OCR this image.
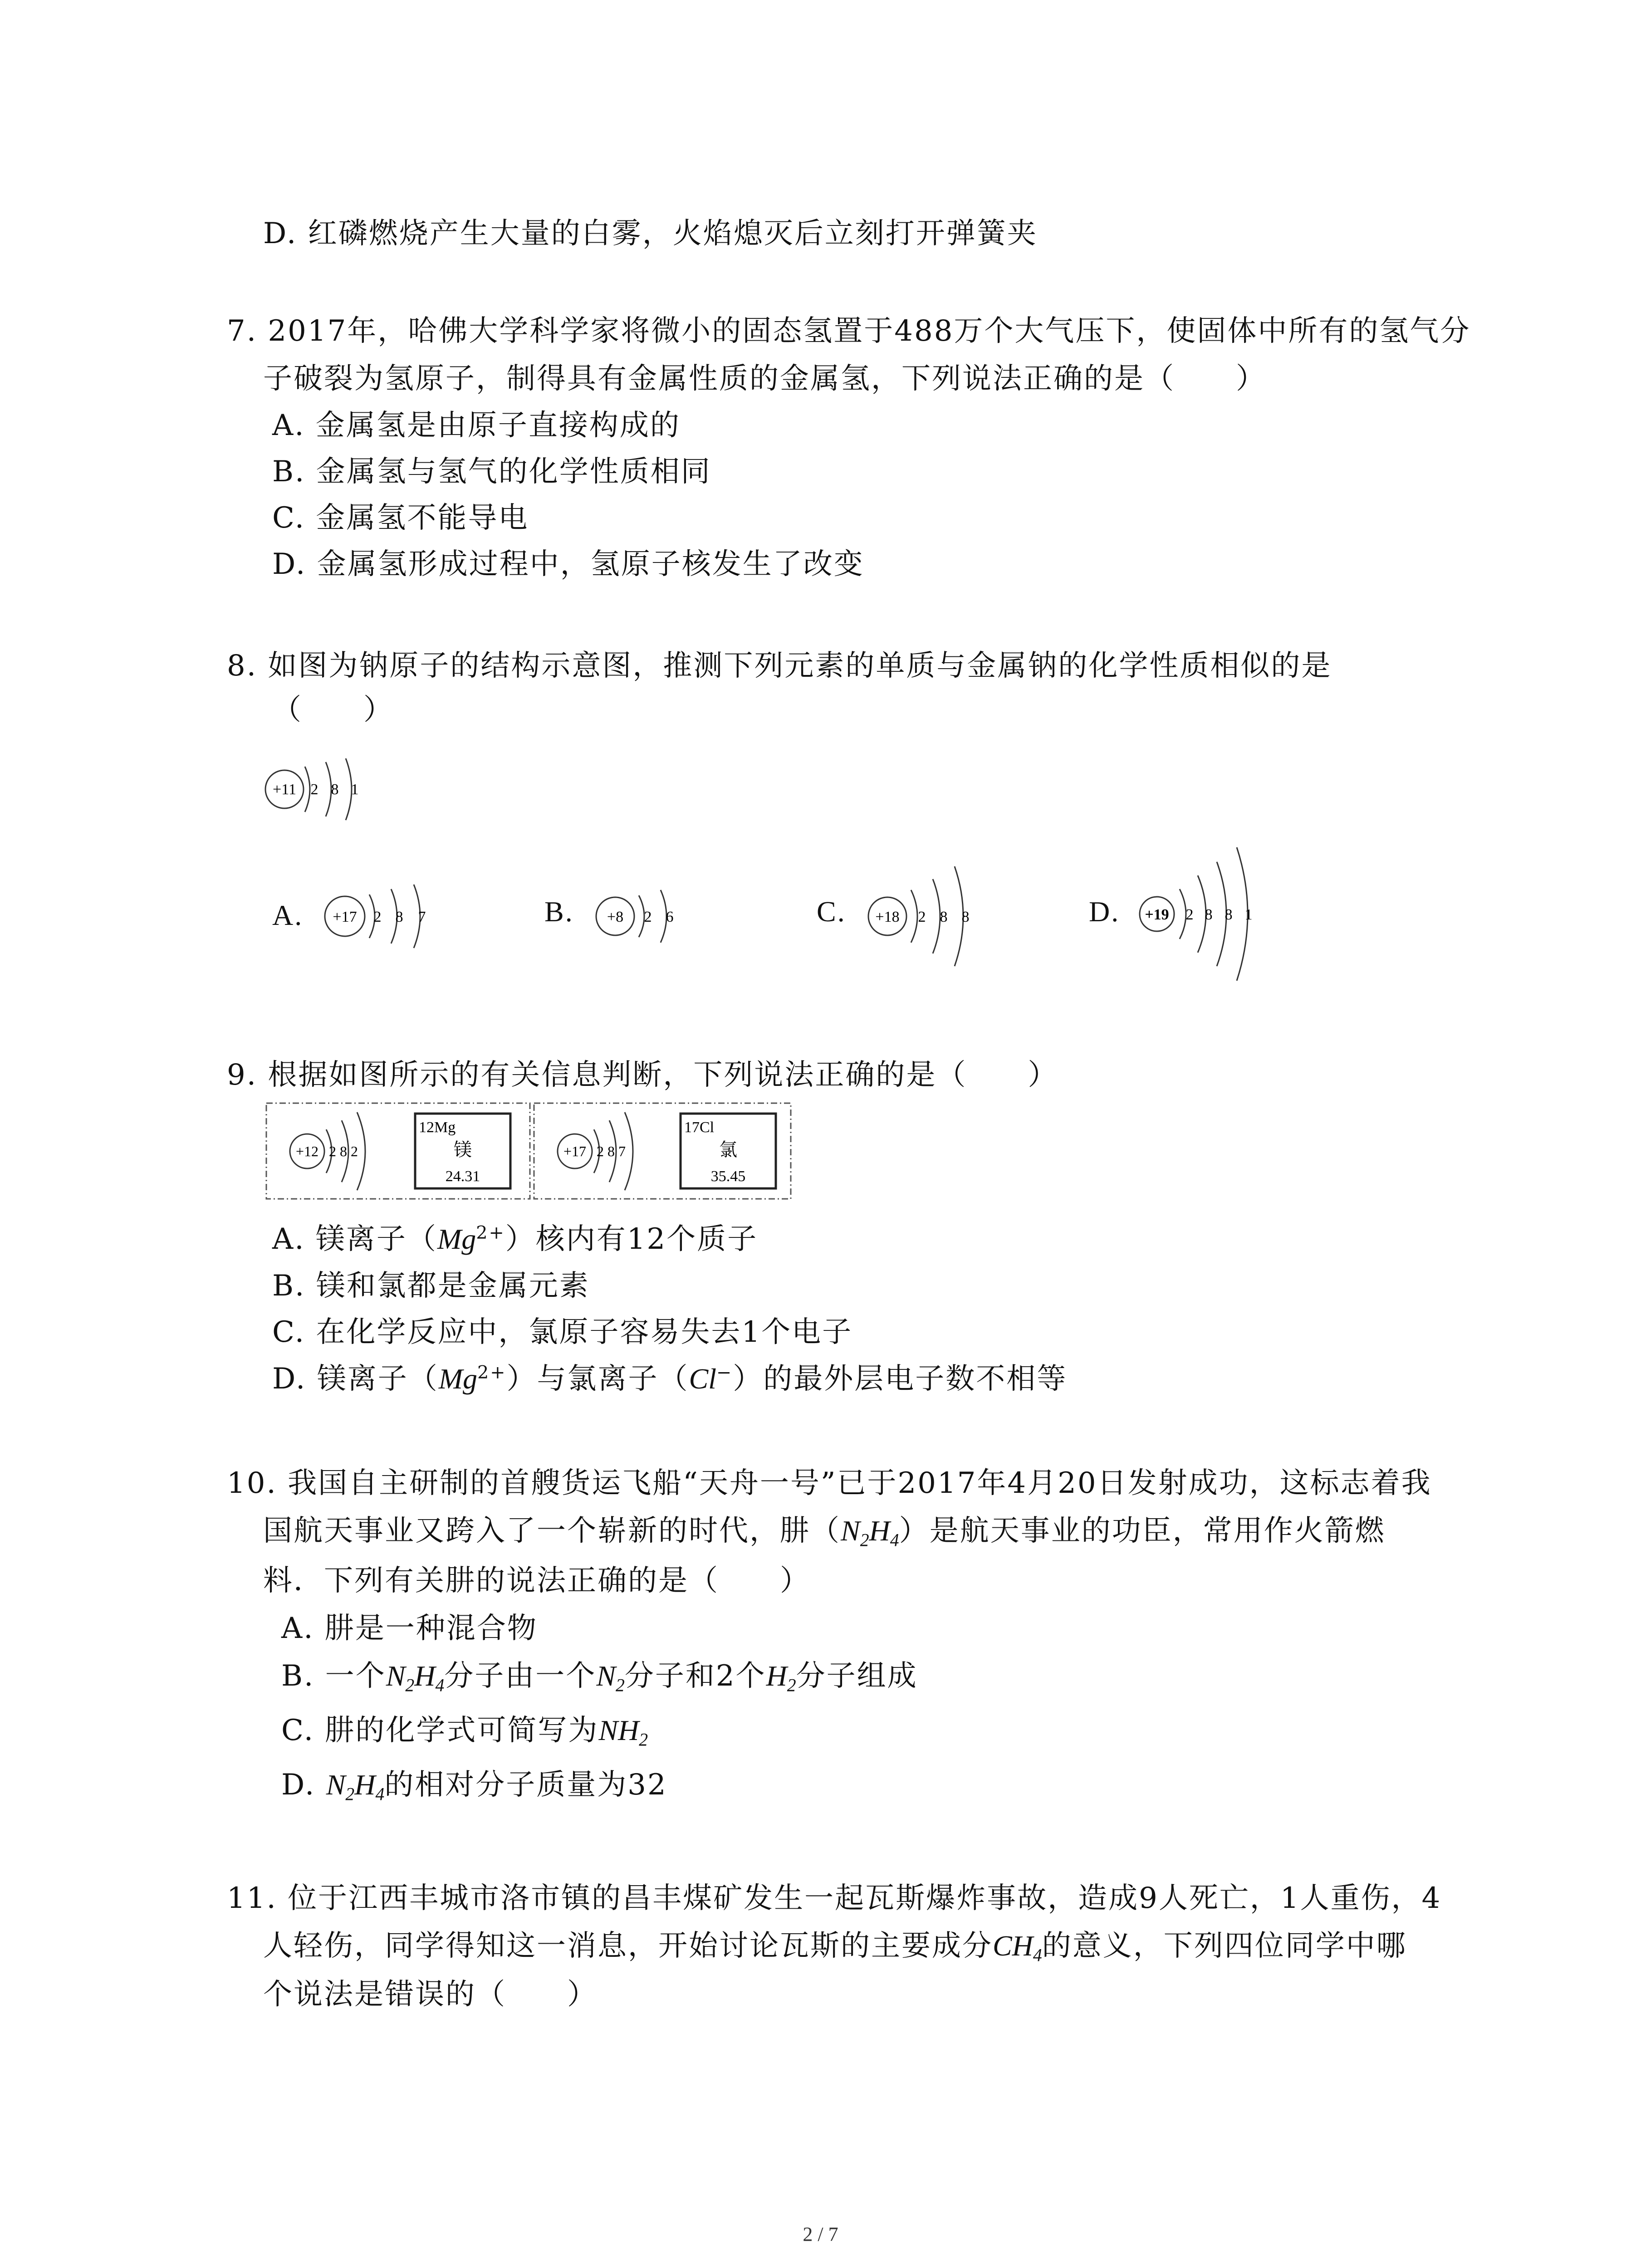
D. 红磷燃烧产生大量的白雾，火焰熄灭后立刻打开弹簧夹
7. 2017年，哈佛大学科学家将微小的固态氢置于488万个大气压下，使固体中所有的氢气分
子破裂为氢原子，制得具有金属性质的金属氢，下列说法正确的是（　　）
A. 金属氢是由原子直接构成的
B. 金属氢与氢气的化学性质相同
C. 金属氢不能导电
D. 金属氢形成过程中，氢原子核发生了改变
8. 如图为钠原子的结构示意图，推测下列元素的单质与金属钠的化学性质相似的是
（　　）
+11 2 8 1
A. +17 2 8 7	B. +8 2 6	C. +18 2 8 8	D. +19 2 8 8 1
9. 根据如图所示的有关信息判断，下列说法正确的是（　　）
+12 2 8 2
12Mg
镁
24.31
+17 2 8 7
17Cl
氯
35.45
A. 镁离子$(Mg^{2+})$核内有12个质子
B. 镁和氯都是金属元素
C. 在化学反应中，氯原子容易失去1个电子
D. 镁离子$(Mg^{2+})$与氯离子（Cl−）的最外层电子数不相等
10. 我国自主研制的首艘货运飞船“天舟一号”已于2017年4月20日发射成功，这标志着我
国航天事业又跨入了一个崭新的时代，肼$(N_2H_4)$是航天事业的功臣，常用作火箭燃
料．下列有关肼的说法正确的是（　　）
A. 肼是一种混合物
B. 一个$N_2H_4$分子由一个$N_2$分子和2个$H_2$分子组成
C. 肼的化学式可简写为$NH_2$
D. $N_2H_4$的相对分子质量为32
11. 位于江西丰城市洛市镇的昌丰煤矿发生一起瓦斯爆炸事故，造成9人死亡，1人重伤，4
人轻伤，同学得知这一消息，开始讨论瓦斯的主要成分$CH_4$的意义，下列四位同学中哪
个说法是错误的（　　）
2 / 7
